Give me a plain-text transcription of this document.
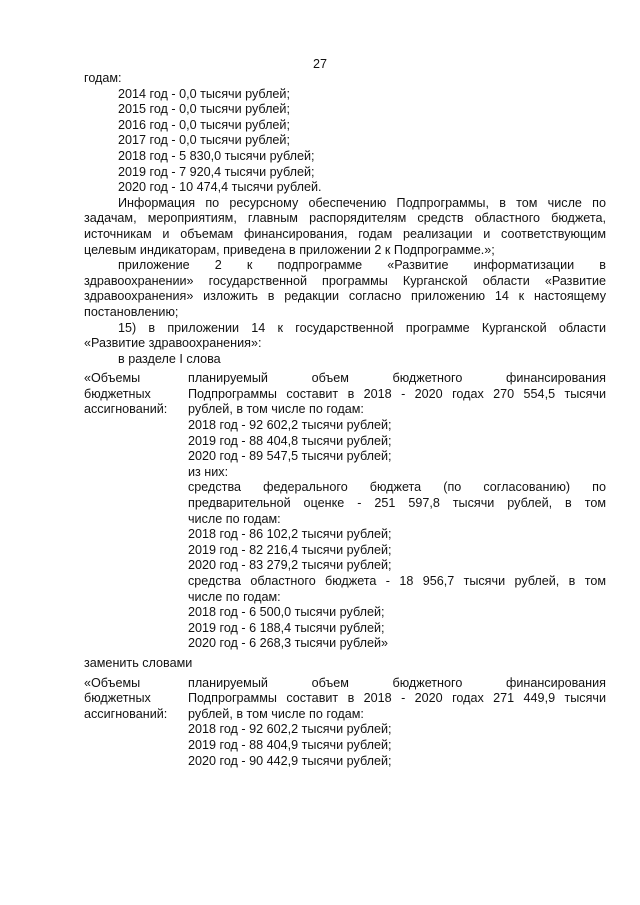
27
годам:
2014 год - 0,0 тысячи рублей;
2015 год - 0,0 тысячи рублей;
2016 год - 0,0 тысячи рублей;
2017 год - 0,0 тысячи рублей;
2018 год - 5 830,0 тысячи рублей;
2019 год - 7 920,4 тысячи рублей;
2020 год - 10 474,4 тысячи рублей.
Информация по ресурсному обеспечению Подпрограммы, в том числе по
задачам, мероприятиям, главным распорядителям средств областного бюджета,
источникам и объемам финансирования, годам реализации и соответствующим
целевым индикаторам, приведена в приложении 2 к Подпрограмме.»;
приложение 2 к подпрограмме «Развитие информатизации в
здравоохранении» государственной программы Курганской области «Развитие
здравоохранения» изложить в редакции согласно приложению 14 к настоящему
постановлению;
15) в приложении 14 к государственной программе Курганской области
«Развитие здравоохранения»:
в разделе I слова
«Объемы
бюджетных
ассигнований:
планируемый объем бюджетного финансирования
Подпрограммы составит в 2018 - 2020 годах 270 554,5 тысячи
рублей, в том числе по годам:
2018 год - 92 602,2 тысячи рублей;
2019 год - 88 404,8 тысячи рублей;
2020 год - 89 547,5 тысячи рублей;
из них:
средства федерального бюджета (по согласованию) по
предварительной оценке - 251 597,8 тысячи рублей, в том
числе по годам:
2018 год - 86 102,2 тысячи рублей;
2019 год - 82 216,4 тысячи рублей;
2020 год - 83 279,2 тысячи рублей;
средства областного бюджета - 18 956,7 тысячи рублей, в том
числе по годам:
2018 год - 6 500,0 тысячи рублей;
2019 год - 6 188,4 тысячи рублей;
2020 год - 6 268,3 тысячи рублей»
заменить словами
«Объемы
бюджетных
ассигнований:
планируемый объем бюджетного финансирования
Подпрограммы составит в 2018 - 2020 годах 271 449,9 тысячи
рублей, в том числе по годам:
2018 год - 92 602,2 тысячи рублей;
2019 год - 88 404,9 тысячи рублей;
2020 год - 90 442,9 тысячи рублей;
